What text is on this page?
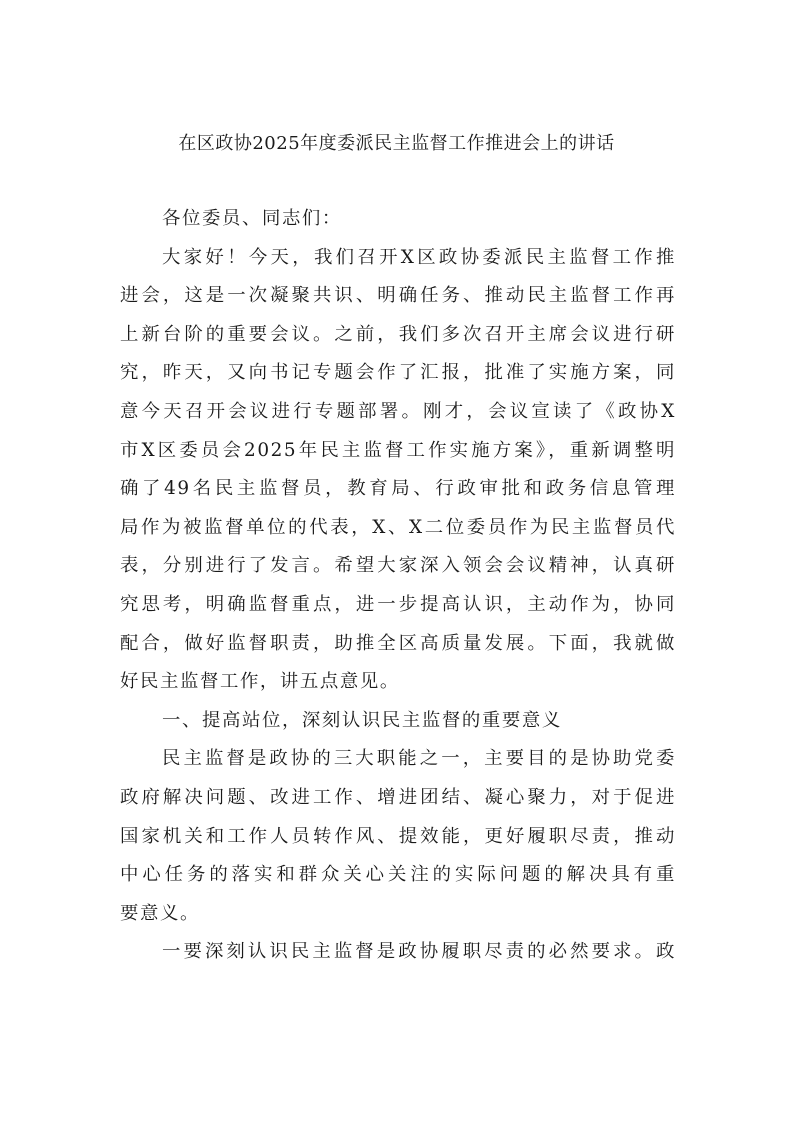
在区政协2025年度委派民主监督工作推进会上的讲话
各位委员、同志们：
大家好！今天，我们召开X区政协委派民主监督工作推
进会，这是一次凝聚共识、明确任务、推动民主监督工作再
上新台阶的重要会议。之前，我们多次召开主席会议进行研
究，昨天，又向书记专题会作了汇报，批准了实施方案，同
意今天召开会议进行专题部署。刚才，会议宣读了《政协X
市X区委员会2025年民主监督工作实施方案》，重新调整明
确了49名民主监督员，教育局、行政审批和政务信息管理
局作为被监督单位的代表，X、X二位委员作为民主监督员代
表，分别进行了发言。希望大家深入领会会议精神，认真研
究思考，明确监督重点，进一步提高认识，主动作为，协同
配合，做好监督职责，助推全区高质量发展。下面，我就做
好民主监督工作，讲五点意见。
一、提高站位，深刻认识民主监督的重要意义
民主监督是政协的三大职能之一，主要目的是协助党委
政府解决问题、改进工作、增进团结、凝心聚力，对于促进
国家机关和工作人员转作风、提效能，更好履职尽责，推动
中心任务的落实和群众关心关注的实际问题的解决具有重
要意义。
一要深刻认识民主监督是政协履职尽责的必然要求。政
